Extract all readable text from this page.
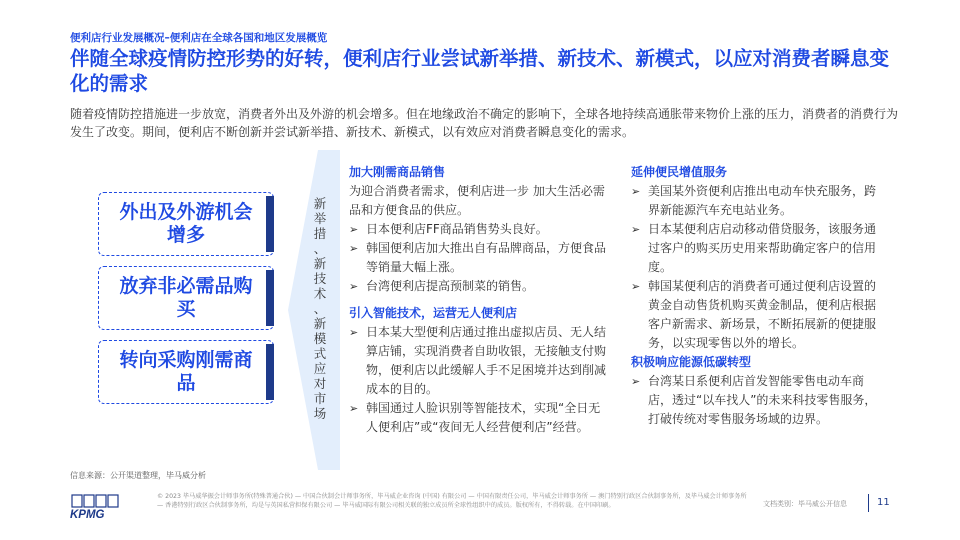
便利店行业发展概况–便利店在全球各国和地区发展概览
伴随全球疫情防控形势的好转，便利店行业尝试新举措、新技术、新模式，以应对消费者瞬息变化的需求

随着疫情防控措施进一步放宽，消费者外出及外游的机会增多。但在地缘政治不确定的影响下，全球各地持续高通胀带来物价上涨的压力，消费者的消费行为发生了改变。期间，便利店不断创新并尝试新举措、新技术、新模式，以有效应对消费者瞬息变化的需求。

外出及外游机会增多
放弃非必需品购买
转向采购刚需商品
新
举
措
、
新
技
术
、
新
模
式
应
对
市
场
加大刚需商品销售

为迎合消费者需求，便利店进一步 加大生活必需品和方便食品的供应。

➢ 日本便利店FF商品销售势头良好。
➢ 韩国便利店加大推出自有品牌商品，方便食品等销量大幅上涨。
➢ 台湾便利店提高预制菜的销售。
引入智能技术，运营无人便利店
➢ 日本某大型便利店通过推出虚拟店员、无人结算店铺，实现消费者自助收银，无接触支付购物，便利店以此缓解人手不足困境并达到削减成本的目的。
➢ 韩国通过人脸识别等智能技术，实现“全日无人便利店”或“夜间无人经营便利店”经营。
延伸便民增值服务
➢ 美国某外资便利店推出电动车快充服务，跨界新能源汽车充电站业务。
➢ 日本某便利店启动移动借贷服务，该服务通过客户的购买历史用来帮助确定客户的信用度。
➢ 韩国某便利店的消费者可通过便利店设置的黄金自动售货机购买黄金制品，便利店根据客户新需求、新场景，不断拓展新的便捷服务，以实现零售以外的增长。
积极响应能源低碳转型
➢ 台湾某日系便利店首发智能零售电动车商店，透过“以车找人”的未来科技零售服务，打破传统对零售服务场域的边界。
信息来源：公开渠道整理，毕马威分析
KPMG
© 2023 毕马威华振会计师事务所(特殊普通合伙) — 中国合伙制会计师事务所，毕马威企业咨询 (中国) 有限公司 — 中国有限责任公司，毕马威会计师事务所 — 澳门特别行政区合伙制事务所，及毕马威会计师事务所 — 香港特别行政区合伙制事务所，均是与英国私营担保有限公司 — 毕马威国际有限公司相关联的独立成员所全球性组织中的成员。版权所有，不得转载。在中国印刷。	文档类别：毕马威公开信息	11
